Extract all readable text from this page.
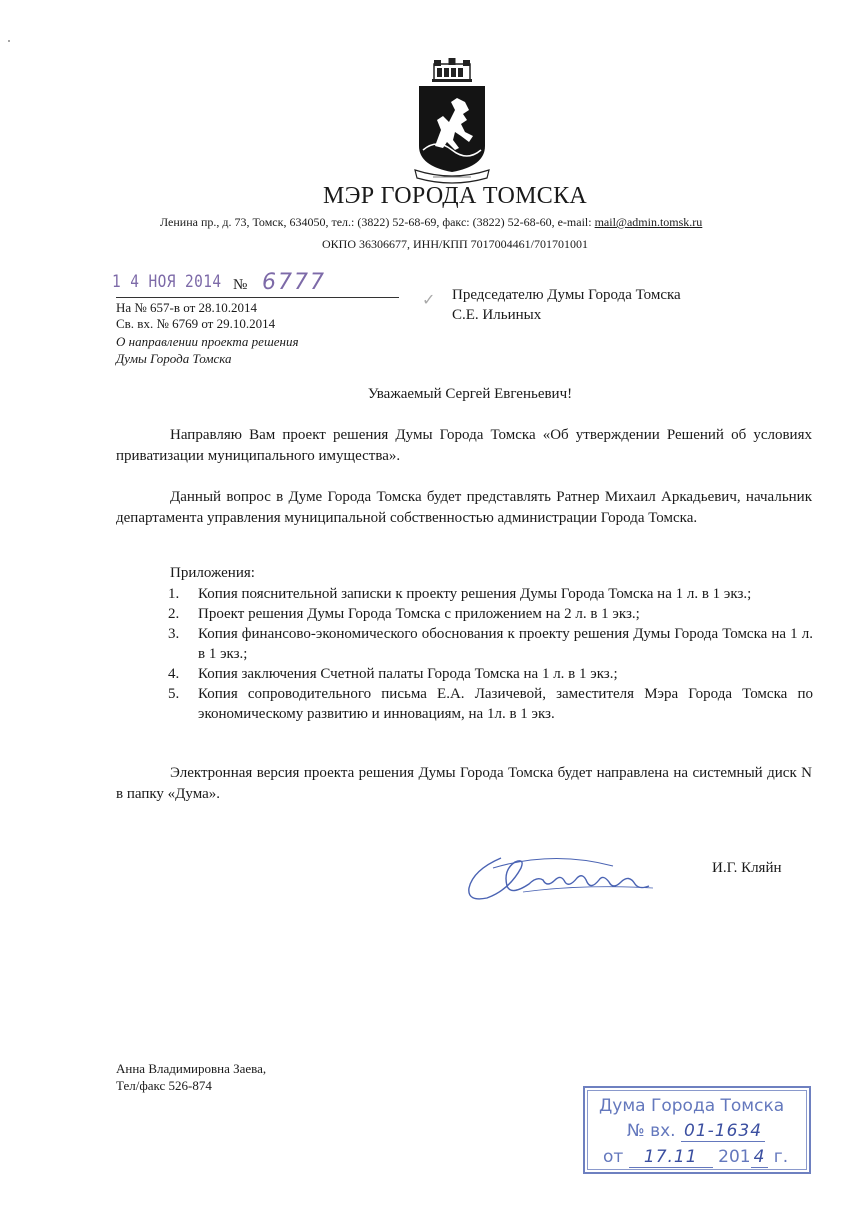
МЭР ГОРОДА ТОМСКА
Ленина пр., д. 73, Томск, 634050, тел.: (3822) 52-68-69, факс: (3822) 52-68-60, e-mail: mail@admin.tomsk.ru
ОКПО 36306677, ИНН/КПП 7017004461/701701001
1 4 НОЯ 2014 № 6777
На № 657-в от 28.10.2014
Св. вх. № 6769 от 29.10.2014
О направлении проекта решения
Думы Города Томска
✓ Председателю Думы Города Томска
С.Е. Ильиных
Уважаемый Сергей Евгеньевич!
Направляю Вам проект решения Думы Города Томска «Об утверждении Решений об условиях приватизации муниципального имущества».
Данный вопрос в Думе Города Томска будет представлять Ратнер Михаил Аркадьевич, начальник департамента управления муниципальной собственностью администрации Города Томска.
Приложения:
1. Копия пояснительной записки к проекту решения Думы Города Томска на 1 л. в 1 экз.;
2. Проект решения Думы Города Томска с приложением на 2 л. в 1 экз.;
3. Копия финансово-экономического обоснования к проекту решения Думы Города Томска на 1 л. в 1 экз.;
4. Копия заключения Счетной палаты Города Томска на 1 л. в 1 экз.;
5. Копия сопроводительного письма Е.А. Лазичевой, заместителя Мэра Города Томска по экономическому развитию и инновациям, на 1л. в 1 экз.
Электронная версия проекта решения Думы Города Томска будет направлена на системный диск N в папку «Дума».
И.Г. Кляйн
Анна Владимировна Заева,
Тел/факс 526-874
Дума Города Томска
№ вх. 01-1634
от 17.11 201 4 г.
